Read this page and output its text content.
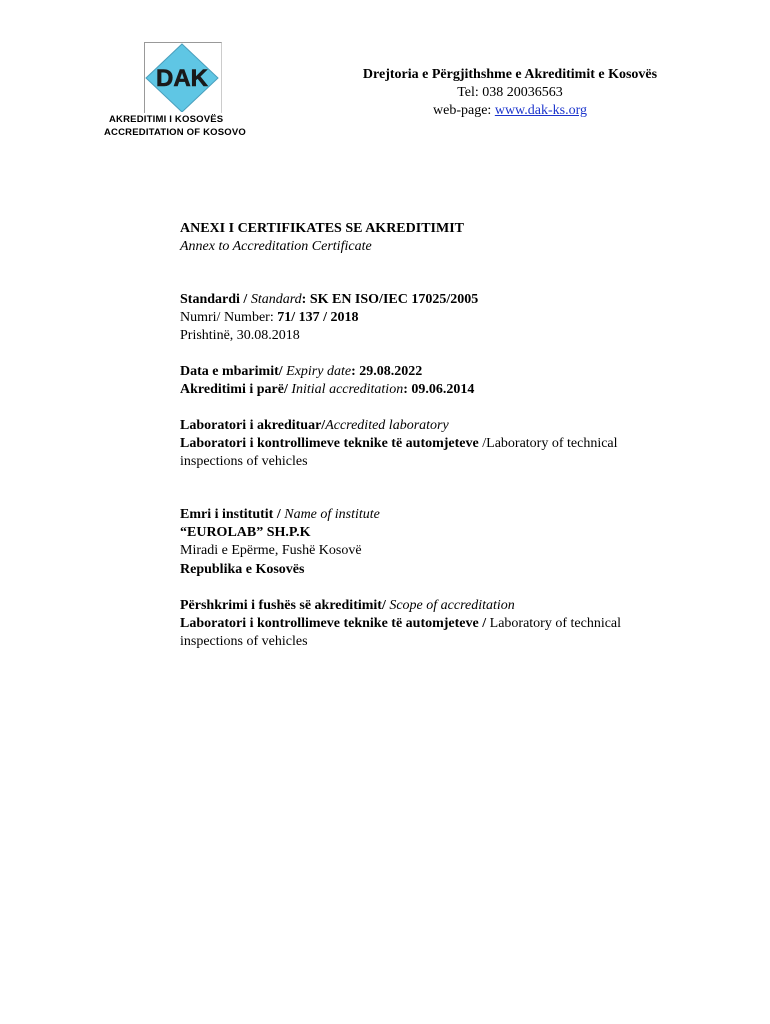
DAK
AKREDITIMI I KOSOVËS
ACCREDITATION OF KOSOVO
Drejtoria e Përgjithshme e Akreditimit e Kosovës
Tel: 038 20036563
web-page: www.dak-ks.org
ANEXI I CERTIFIKATES SE AKREDITIMIT
Annex to Accreditation Certificate
Standardi / Standard: SK EN ISO/IEC 17025/2005
Numri/ Number: 71/ 137 / 2018
Prishtinë, 30.08.2018
Data e mbarimit/ Expiry date: 29.08.2022
Akreditimi i parë/ Initial accreditation: 09.06.2014
Laboratori i akredituar/Accredited laboratory
Laboratori i kontrollimeve teknike të automjeteve /Laboratory of technical inspections of vehicles
Emri i institutit / Name of institute
“EUROLAB” SH.P.K
Miradi e Epërme, Fushë Kosovë
Republika e Kosovës
Përshkrimi i fushës së akreditimit/ Scope of accreditation
Laboratori i kontrollimeve teknike të automjeteve / Laboratory of technical inspections of vehicles
